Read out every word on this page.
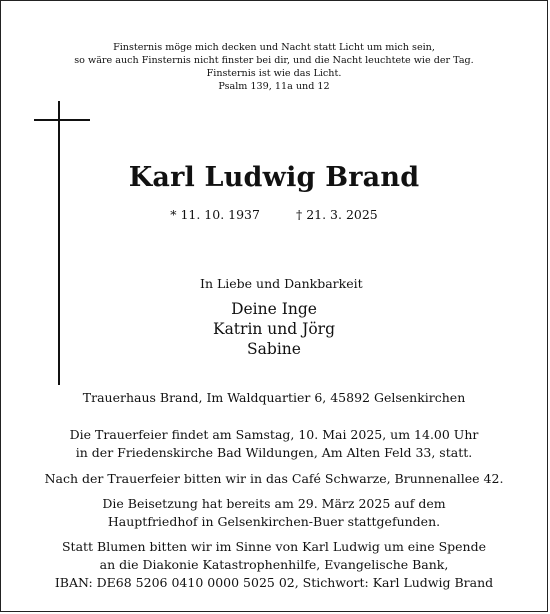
Finsternis möge mich decken und Nacht statt Licht um mich sein,
so wäre auch Finsternis nicht finster bei dir, und die Nacht leuchtete wie der Tag.
Finsternis ist wie das Licht.
Psalm 139, 11a und 12
Karl Ludwig Brand
* 11. 10. 1937	† 21. 3. 2025
In Liebe und Dankbarkeit
Deine Inge
Katrin und Jörg
Sabine
Trauerhaus Brand, Im Waldquartier 6, 45892 Gelsenkirchen
Die Trauerfeier findet am Samstag, 10. Mai 2025, um 14.00 Uhr
in der Friedenskirche Bad Wildungen, Am Alten Feld 33, statt.
Nach der Trauerfeier bitten wir in das Café Schwarze, Brunnenallee 42.
Die Beisetzung hat bereits am 29. März 2025 auf dem
Hauptfriedhof in Gelsenkirchen-Buer stattgefunden.
Statt Blumen bitten wir im Sinne von Karl Ludwig um eine Spende
an die Diakonie Katastrophenhilfe, Evangelische Bank,
IBAN: DE68 5206 0410 0000 5025 02, Stichwort: Karl Ludwig Brand
